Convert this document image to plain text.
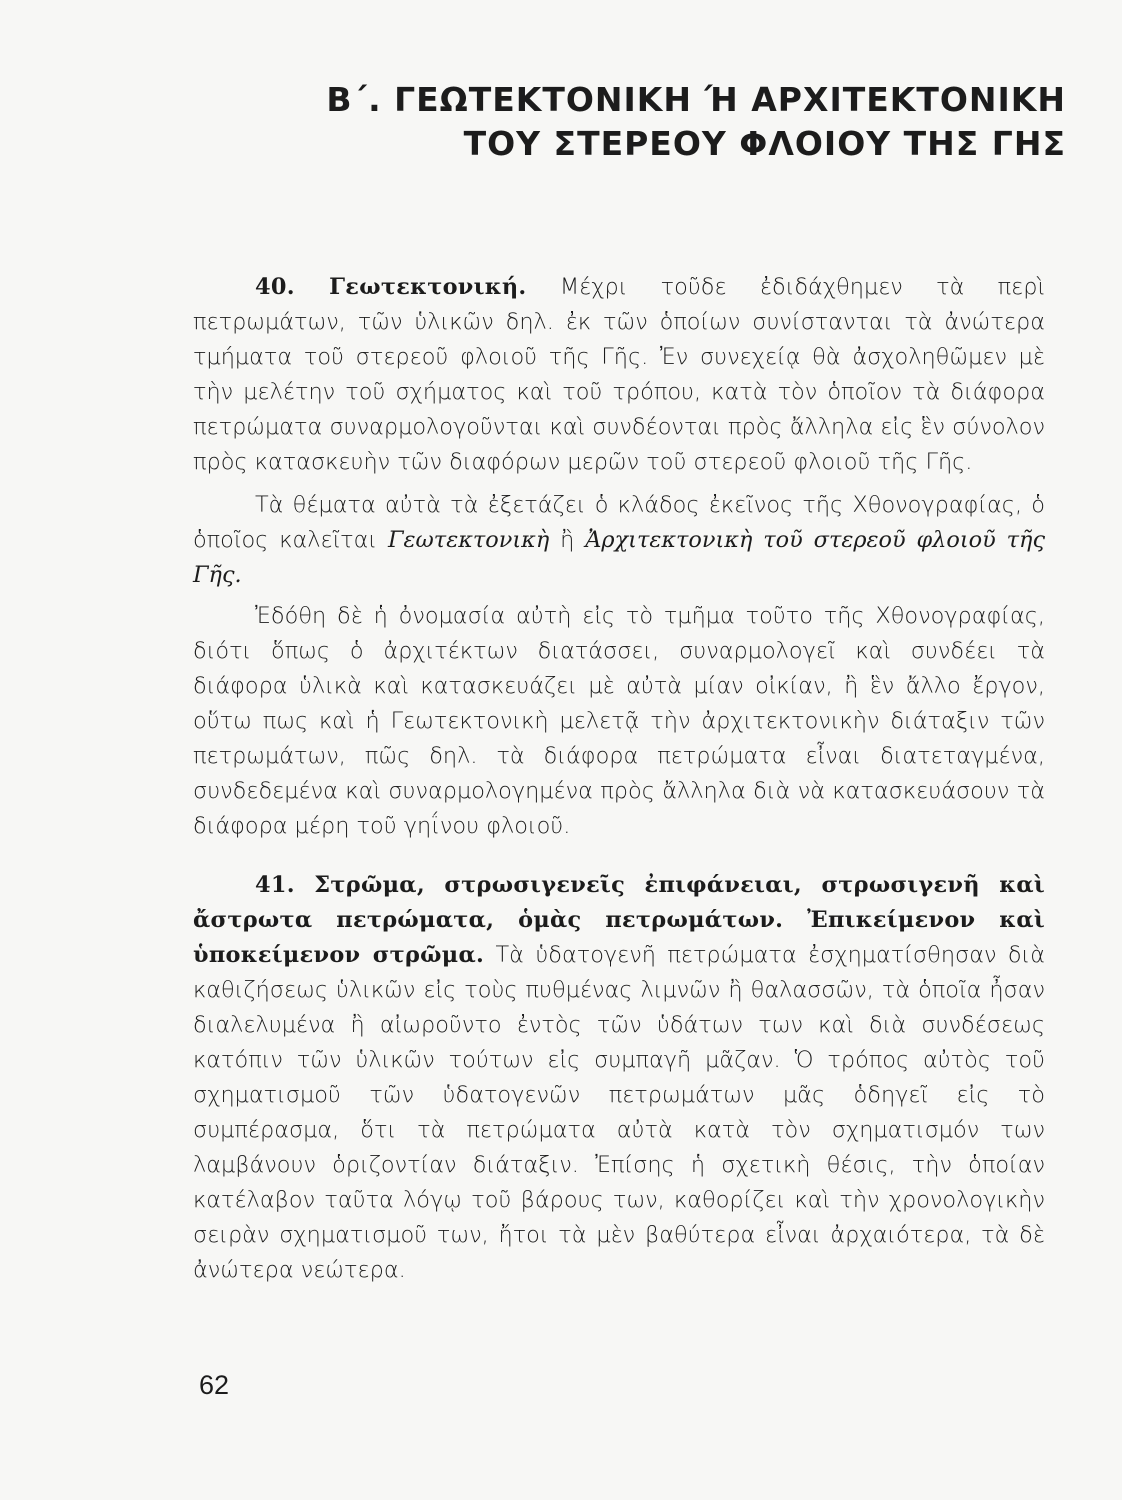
Β΄. ΓΕΩΤΕΚΤΟΝΙΚΗ Ή ΑΡΧΙΤΕΚΤΟΝΙΚΗ
ΤΟΥ ΣΤΕΡΕΟΥ ΦΛΟΙΟΥ ΤΗΣ ΓΗΣ

40. Γεωτεκτονική. Μέχρι τοῦδε ἐδιδάχθημεν τὰ περὶ πετρωμάτων, τῶν ὑλικῶν δηλ. ἐκ τῶν ὁποίων συνίστανται τὰ ἀνώτερα τμήματα τοῦ στερεοῦ φλοιοῦ τῆς Γῆς. Ἐν συνεχείᾳ θὰ ἀσχοληθῶμεν μὲ τὴν μελέτην τοῦ σχήματος καὶ τοῦ τρόπου, κατὰ τὸν ὁποῖον τὰ διάφορα πετρώματα συναρμολογοῦνται καὶ συνδέονται πρὸς ἄλληλα εἰς ἓν σύνολον πρὸς κατασκευὴν τῶν διαφόρων μερῶν τοῦ στερεοῦ φλοιοῦ τῆς Γῆς.

Τὰ θέματα αὐτὰ τὰ ἐξετάζει ὁ κλάδος ἐκεῖνος τῆς Χθονογραφίας, ὁ ὁποῖος καλεῖται Γεωτεκτονικὴ ἢ Ἀρχιτεκτονικὴ τοῦ στερεοῦ φλοιοῦ τῆς Γῆς.

Ἐδόθη δὲ ἡ ὀνομασία αὐτὴ εἰς τὸ τμῆμα τοῦτο τῆς Χθονογραφίας, διότι ὅπως ὁ ἀρχιτέκτων διατάσσει, συναρμολογεῖ καὶ συνδέει τὰ διάφορα ὑλικὰ καὶ κατασκευάζει μὲ αὐτὰ μίαν οἰκίαν, ἢ ἓν ἄλλο ἔργον, οὕτω πως καὶ ἡ Γεωτεκτονικὴ μελετᾷ τὴν ἀρχιτεκτονικὴν διάταξιν τῶν πετρωμάτων, πῶς δηλ. τὰ διάφορα πετρώματα εἶναι διατεταγμένα, συνδεδεμένα καὶ συναρμολογημένα πρὸς ἄλληλα διὰ νὰ κατασκευάσουν τὰ διάφορα μέρη τοῦ γηΐνου φλοιοῦ.

41. Στρῶμα, στρωσιγενεῖς ἐπιφάνειαι, στρωσιγενῆ καὶ ἄστρωτα πετρώματα, ὁμὰς πετρωμάτων. Ἐπικείμενον καὶ ὑποκείμενον στρῶμα. Τὰ ὑδατογενῆ πετρώματα ἐσχηματίσθησαν διὰ καθιζήσεως ὑλικῶν εἰς τοὺς πυθμένας λιμνῶν ἢ θαλασσῶν, τὰ ὁποῖα ἦσαν διαλελυμένα ἢ αἰωροῦντο ἐντὸς τῶν ὑδάτων των καὶ διὰ συνδέσεως κατόπιν τῶν ὑλικῶν τούτων εἰς συμπαγῆ μᾶζαν. Ὁ τρόπος αὐτὸς τοῦ σχηματισμοῦ τῶν ὑδατογενῶν πετρωμάτων μᾶς ὁδηγεῖ εἰς τὸ συμπέρασμα, ὅτι τὰ πετρώματα αὐτὰ κατὰ τὸν σχηματισμόν των λαμβάνουν ὁριζοντίαν διάταξιν. Ἐπίσης ἡ σχετικὴ θέσις, τὴν ὁποίαν κατέλαβον ταῦτα λόγῳ τοῦ βάρους των, καθορίζει καὶ τὴν χρονολογικὴν σειρὰν σχηματισμοῦ των, ἤτοι τὰ μὲν βαθύτερα εἶναι ἀρχαιότερα, τὰ δὲ ἀνώτερα νεώτερα.

62
